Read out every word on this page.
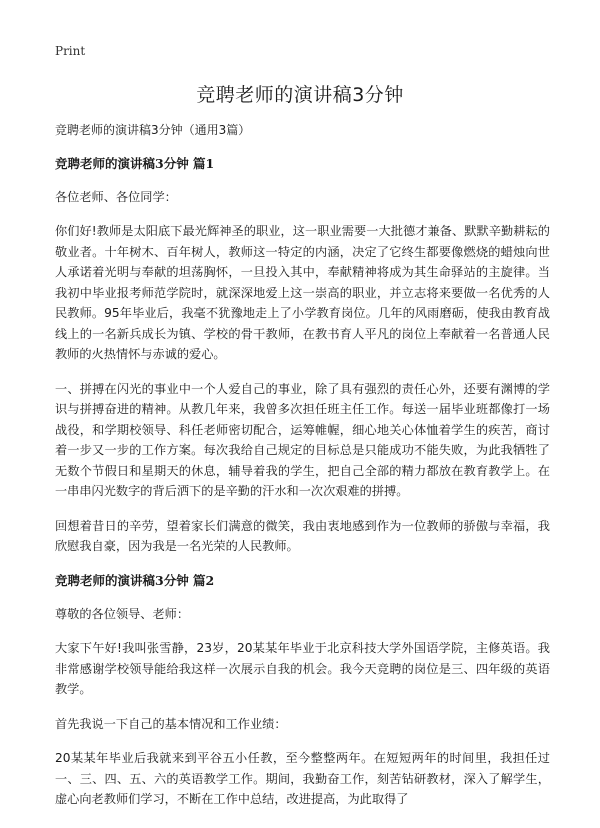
Print
竞聘老师的演讲稿3分钟

竞聘老师的演讲稿3分钟（通用3篇）

竞聘老师的演讲稿3分钟 篇1

各位老师、各位同学：

你们好!教师是太阳底下最光辉神圣的职业，这一职业需要一大批德才兼备、默默辛勤耕耘的敬业者。十年树木、百年树人，教师这一特定的内涵，决定了它终生都要像燃烧的蜡烛向世人承诺着光明与奉献的坦荡胸怀，一旦投入其中，奉献精神将成为其生命驿站的主旋律。当我初中毕业报考师范学院时，就深深地爱上这一崇高的职业，并立志将来要做一名优秀的人民教师。95年毕业后，我毫不犹豫地走上了小学教育岗位。几年的风雨磨砺，使我由教育战线上的一名新兵成长为镇、学校的骨干教师，在教书育人平凡的岗位上奉献着一名普通人民教师的火热情怀与赤诚的爱心。

一、拼搏在闪光的事业中一个人爱自己的事业，除了具有强烈的责任心外，还要有渊博的学识与拼搏奋进的精神。从教几年来，我曾多次担任班主任工作。每送一届毕业班都像打一场战役，和学期校领导、科任老师密切配合，运筹帷幄，细心地关心体恤着学生的疾苦，商讨着一步又一步的工作方案。每次我给自己规定的目标总是只能成功不能失败，为此我牺牲了无数个节假日和星期天的休息，辅导着我的学生，把自己全部的精力都放在教育教学上。在一串串闪光数字的背后洒下的是辛勤的汗水和一次次艰难的拼搏。

回想着昔日的辛劳，望着家长们满意的微笑，我由衷地感到作为一位教师的骄傲与幸福，我欣慰我自豪，因为我是一名光荣的人民教师。

竞聘老师的演讲稿3分钟 篇2

尊敬的各位领导、老师：

大家下午好!我叫张雪静，23岁，20某某年毕业于北京科技大学外国语学院，主修英语。我非常感谢学校领导能给我这样一次展示自我的机会。我今天竞聘的岗位是三、四年级的英语教学。

首先我说一下自己的基本情况和工作业绩：

20某某年毕业后我就来到平谷五小任教，至今整整两年。在短短两年的时间里，我担任过一、三、四、五、六的英语教学工作。期间，我勤奋工作，刻苦钻研教材，深入了解学生，虚心向老教师们学习，不断在工作中总结，改进提高，为此取得了
